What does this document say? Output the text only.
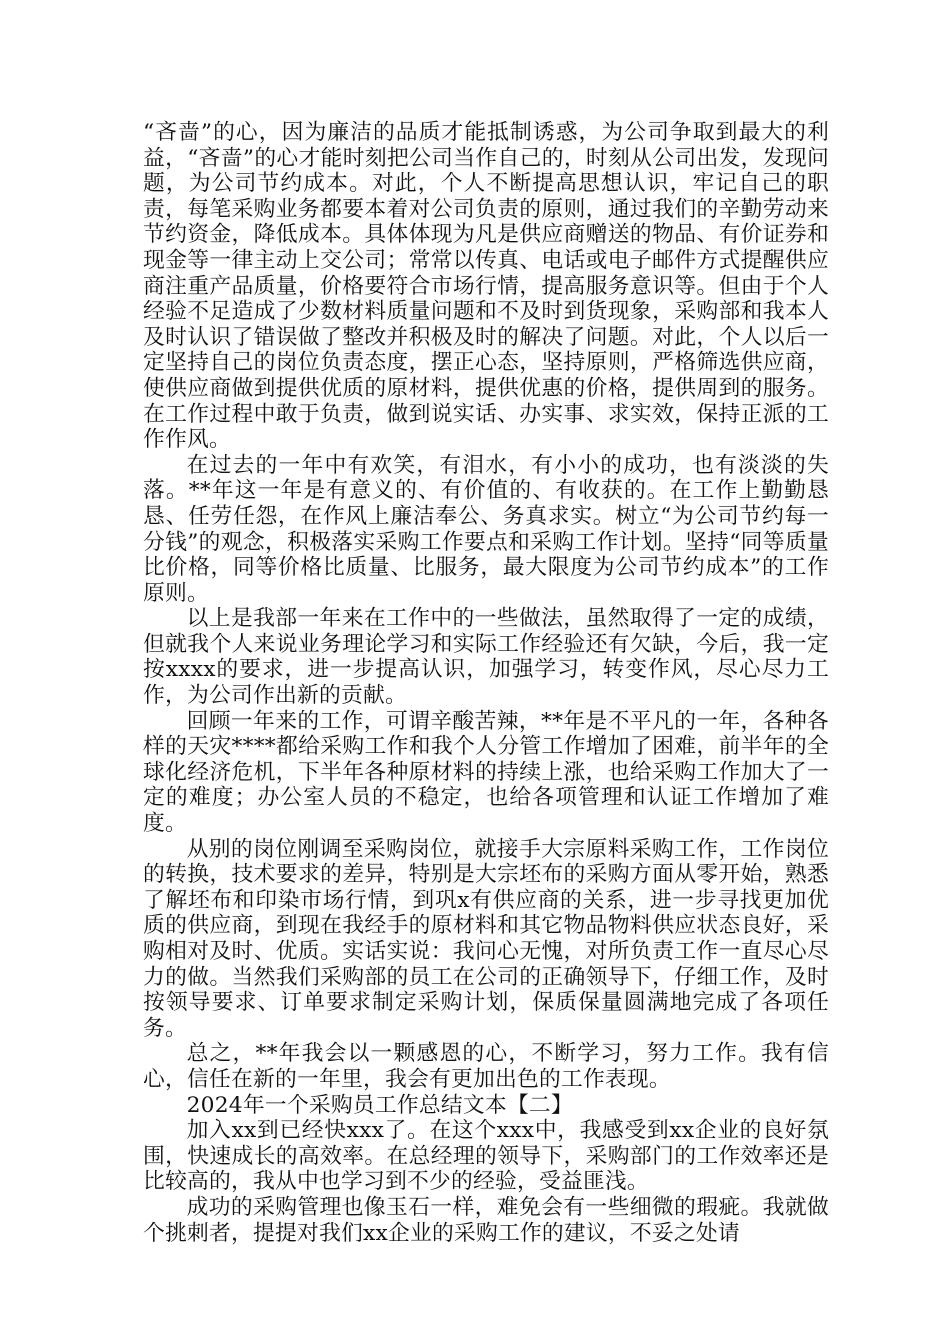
“吝啬”的心，因为廉洁的品质才能抵制诱惑，为公司争取到最大的利益，“吝啬”的心才能时刻把公司当作自己的，时刻从公司出发，发现问题，为公司节约成本。对此，个人不断提高思想认识，牢记自己的职责，每笔采购业务都要本着对公司负责的原则，通过我们的辛勤劳动来节约资金，降低成本。具体体现为凡是供应商赠送的物品、有价证券和现金等一律主动上交公司；常常以传真、电话或电子邮件方式提醒供应商注重产品质量，价格要符合市场行情，提高服务意识等。但由于个人经验不足造成了少数材料质量问题和不及时到货现象，采购部和我本人及时认识了错误做了整改并积极及时的解决了问题。对此，个人以后一定坚持自己的岗位负责态度，摆正心态，坚持原则，严格筛选供应商，使供应商做到提供优质的原材料，提供优惠的价格，提供周到的服务。在工作过程中敢于负责，做到说实话、办实事、求实效，保持正派的工作作风。

在过去的一年中有欢笑，有泪水，有小小的成功，也有淡淡的失落。**年这一年是有意义的、有价值的、有收获的。在工作上勤勤恳恳、任劳任怨，在作风上廉洁奉公、务真求实。树立“为公司节约每一分钱”的观念，积极落实采购工作要点和采购工作计划。坚持“同等质量比价格，同等价格比质量、比服务，最大限度为公司节约成本”的工作原则。

以上是我部一年来在工作中的一些做法，虽然取得了一定的成绩，但就我个人来说业务理论学习和实际工作经验还有欠缺，今后，我一定按xxxx的要求，进一步提高认识，加强学习，转变作风，尽心尽力工作，为公司作出新的贡献。

回顾一年来的工作，可谓辛酸苦辣，**年是不平凡的一年，各种各样的天灾****都给采购工作和我个人分管工作增加了困难，前半年的全球化经济危机，下半年各种原材料的持续上涨，也给采购工作加大了一定的难度；办公室人员的不稳定，也给各项管理和认证工作增加了难度。

从别的岗位刚调至采购岗位，就接手大宗原料采购工作，工作岗位的转换，技术要求的差异，特别是大宗坯布的采购方面从零开始，熟悉了解坯布和印染市场行情，到巩x有供应商的关系，进一步寻找更加优质的供应商，到现在我经手的原材料和其它物品物料供应状态良好，采购相对及时、优质。实话实说：我问心无愧，对所负责工作一直尽心尽力的做。当然我们采购部的员工在公司的正确领导下，仔细工作，及时按领导要求、订单要求制定采购计划，保质保量圆满地完成了各项任务。

总之，**年我会以一颗感恩的心，不断学习，努力工作。我有信心，信任在新的一年里，我会有更加出色的工作表现。

2024年一个采购员工作总结文本【二】

加入xx到已经快xxx了。在这个xxx中，我感受到xx企业的良好氛围，快速成长的高效率。在总经理的领导下，采购部门的工作效率还是比较高的，我从中也学习到不少的经验，受益匪浅。

成功的采购管理也像玉石一样，难免会有一些细微的瑕疵。我就做个挑刺者，提提对我们xx企业的采购工作的建议，不妥之处请
